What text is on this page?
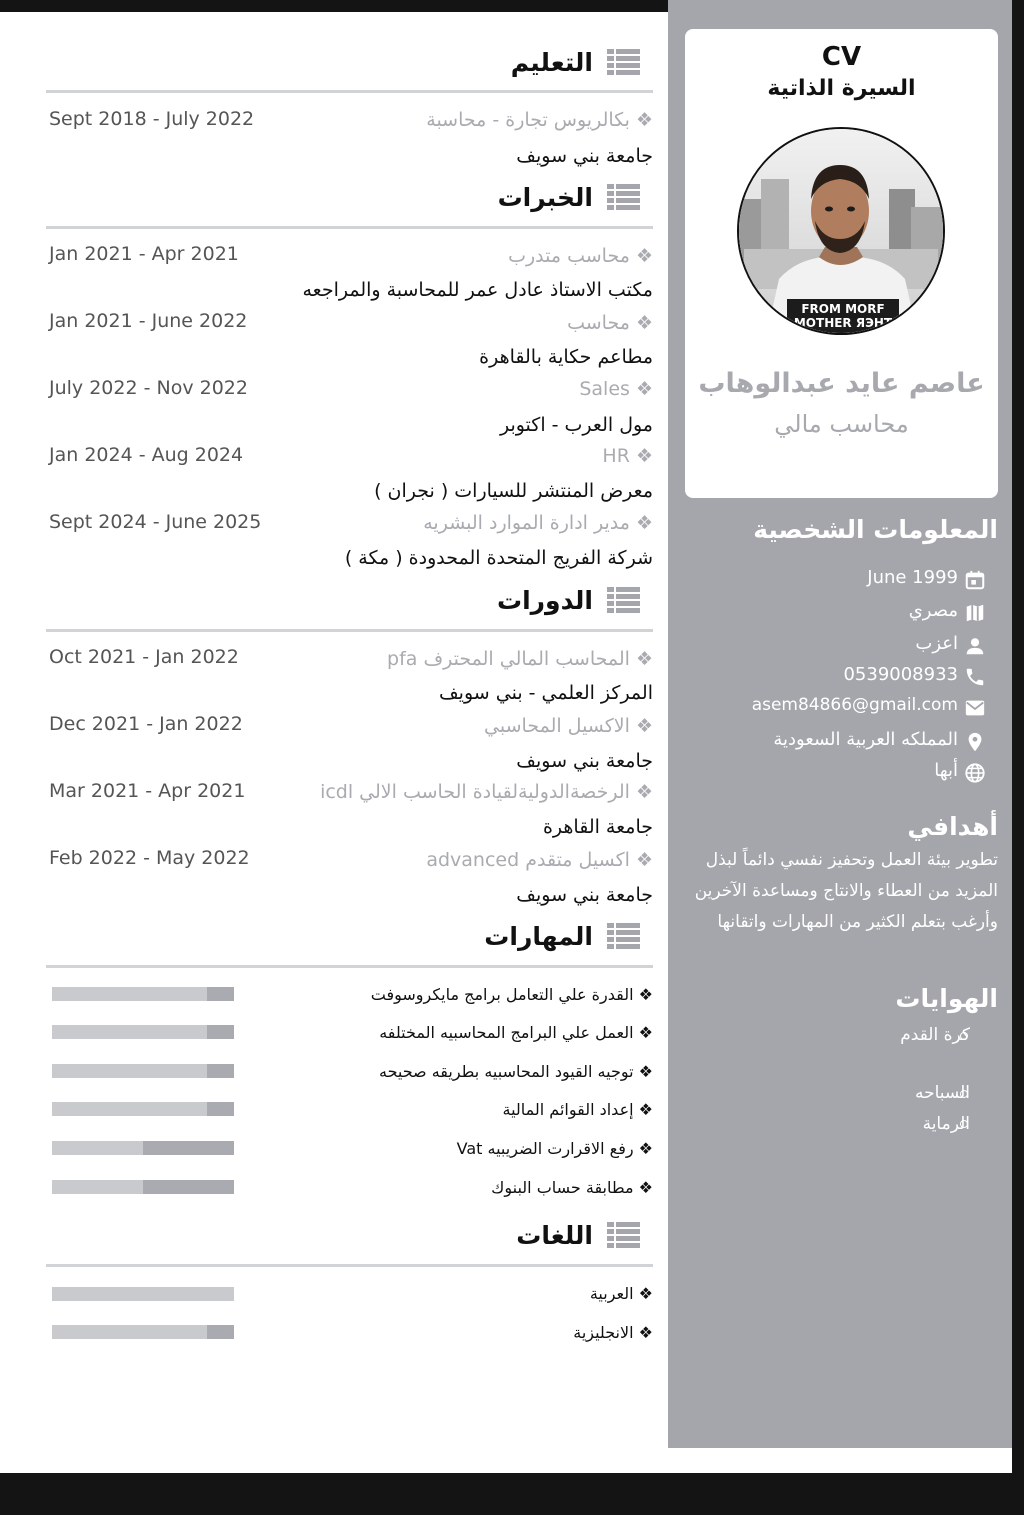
CV
السيرة الذاتية
FROM MORF
MOTHER ЯЭНТ
عاصم عايد عبدالوهاب
محاسب مالي
المعلومات الشخصية
June 1999
مصري
اعزب
0539008933
asem84866@gmail.com
المملكه العربية السعودية
أبها
أهدافي
تطوير بيئة العمل وتحفيز نفسي دائماً لبذل
المزيد من العطاء والانتاج ومساعدة الآخرين
وأرغب بتعلم الكثير من المهارات واتقانها
الهوايات
كرة القدم
السباحه
الرماية
التعليم
Sept 2018 - July 2022	❖ بكالريوس تجارة - محاسبة
جامعة بني سويف
الخبرات
Jan 2021 - Apr 2021	❖ محاسب متدرب
مكتب الاستاذ عادل عمر للمحاسبة والمراجعه
Jan 2021 - June 2022	❖ محاسب
مطاعم حكاية بالقاهرة
July 2022 - Nov 2022	❖ Sales
مول العرب - اكتوبر
Jan 2024 - Aug 2024	❖ HR
معرض المنتشر للسيارات ( نجران )
Sept 2024 - June 2025	❖ مدير ادارة الموارد البشريه
شركة الفريج المتحدة المحدودة ( مكة )
الدورات
Oct 2021 - Jan 2022	❖ المحاسب المالي المحترف pfa
المركز العلمي - بني سويف
Dec 2021 - Jan 2022	❖ الاكسيل المحاسبي
جامعة بني سويف
Mar 2021 - Apr 2021	❖ الرخصةالدوليةلقيادة الحاسب الالي icdl
جامعة القاهرة
Feb 2022 - May 2022	❖ اكسيل متقدم advanced
جامعة بني سويف
المهارات
❖ القدرة علي التعامل برامج مايكروسوفت
❖ العمل علي البرامج المحاسبيه المختلفه
❖ توجيه القيود المحاسبيه بطريقه صحيحه
❖ إعداد القوائم المالية
❖ رفع الاقرارت الضريبيه Vat
❖ مطابقة حساب البنوك
اللغات
❖ العربية
❖ الانجليزية
